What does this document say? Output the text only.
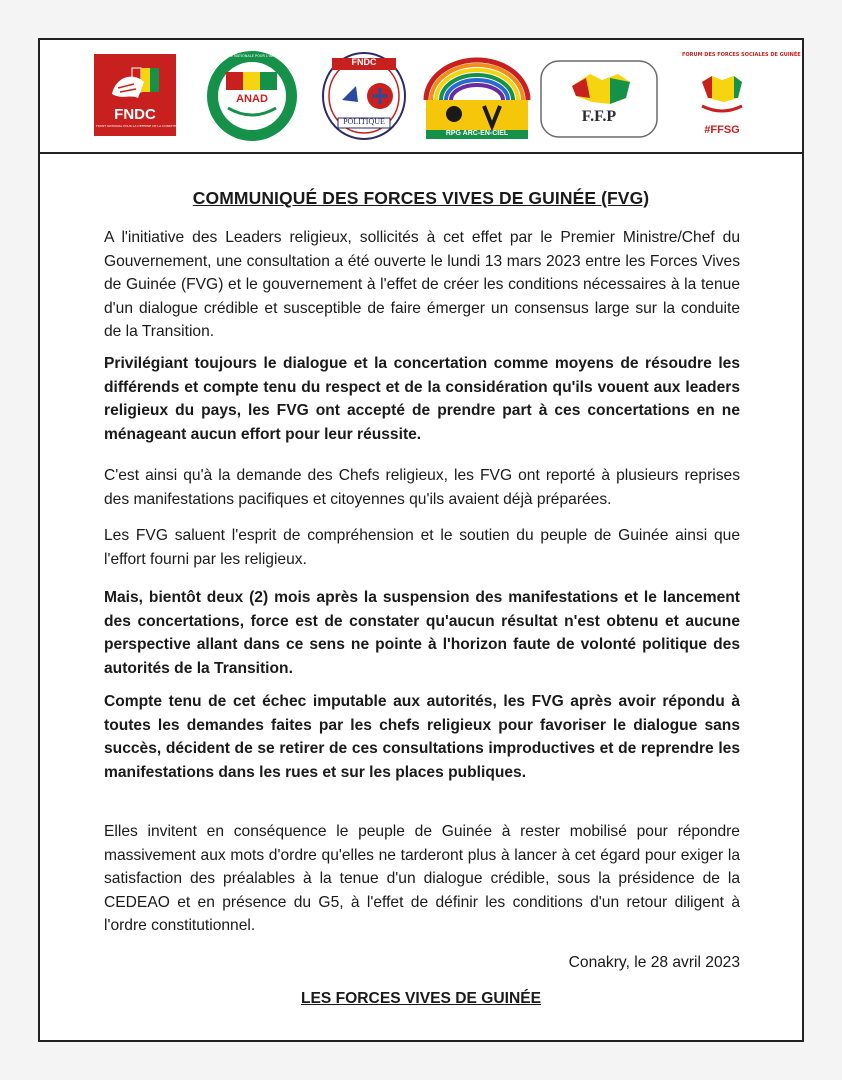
FNDC
FRONT NATIONAL POUR LA DEFENSE DE LA CONSTITUTION
ANAD
ALLIANCE NATIONALE POUR L'ALTERNANCE ET LA DEMOCRATIE
FNDC
POLITIQUE
RPG ARC-EN-CIEL
F.F.P
FORUM DES FORCES SOCIALES DE GUINÉE
#FFSG
COMMUNIQUÉ DES FORCES VIVES DE GUINÉE (FVG)

A l'initiative des Leaders religieux, sollicités à cet effet par le Premier Ministre/Chef du Gouvernement, une consultation a été ouverte le lundi 13 mars 2023 entre les Forces Vives de Guinée (FVG) et le gouvernement à l'effet de créer les conditions nécessaires à la tenue d'un dialogue crédible et susceptible de faire émerger un consensus large sur la conduite de la Transition.

Privilégiant toujours le dialogue et la concertation comme moyens de résoudre les différends et compte tenu du respect et de la considération qu'ils vouent aux leaders religieux du pays, les FVG ont accepté de prendre part à ces concertations en ne ménageant aucun effort pour leur réussite.

C'est ainsi qu'à la demande des Chefs religieux, les FVG ont reporté à plusieurs reprises des manifestations pacifiques et citoyennes qu'ils avaient déjà préparées.

Les FVG saluent l'esprit de compréhension et le soutien du peuple de Guinée ainsi que l'effort fourni par les religieux.

Mais, bientôt deux (2) mois après la suspension des manifestations et le lancement des concertations, force est de constater qu'aucun résultat n'est obtenu et aucune perspective allant dans ce sens ne pointe à l'horizon faute de volonté politique des autorités de la Transition.

Compte tenu de cet échec imputable aux autorités, les FVG après avoir répondu à toutes les demandes faites par les chefs religieux pour favoriser le dialogue sans succès, décident de se retirer de ces consultations improductives et de reprendre les manifestations dans les rues et sur les places publiques.

Elles invitent en conséquence le peuple de Guinée à rester mobilisé pour répondre massivement aux mots d'ordre qu'elles ne tarderont plus à lancer à cet égard pour exiger la satisfaction des préalables à la tenue d'un dialogue crédible, sous la présidence de la CEDEAO et en présence du G5, à l'effet de définir les conditions d'un retour diligent à l'ordre constitutionnel.

Conakry, le 28 avril 2023
LES FORCES VIVES DE GUINÉE
